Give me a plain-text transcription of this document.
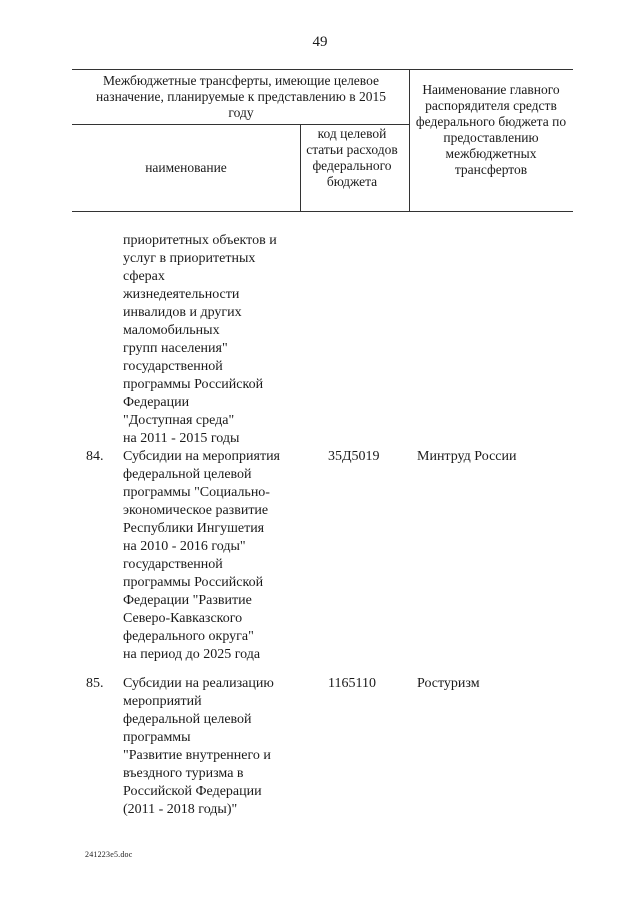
49
Межбюджетные трансферты, имеющие целевое назначение, планируемые к представлению в 2015 году
наименование
код целевой статьи расходов федерального бюджета
Наименование главного распорядителя средств федерального бюджета по предоставлению межбюджетных трансфертов
приоритетных объектов и
услуг в приоритетных
сферах
жизнедеятельности
инвалидов и других
маломобильных
групп населения"
государственной
программы Российской
Федерации
"Доступная среда"
на 2011 - 2015 годы
84. Субсидии на мероприятия
федеральной целевой
программы "Социально-
экономическое развитие
Республики Ингушетия
на 2010 - 2016 годы"
государственной
программы Российской
Федерации "Развитие
Северо-Кавказского
федерального округа"
на период до 2025 года
35Д5019	Минтруд России
85. Субсидии на реализацию
мероприятий
федеральной целевой
программы
"Развитие внутреннего и
въездного туризма в
Российской Федерации
(2011 - 2018 годы)"
1165110	Ростуризм
241223e5.doc
